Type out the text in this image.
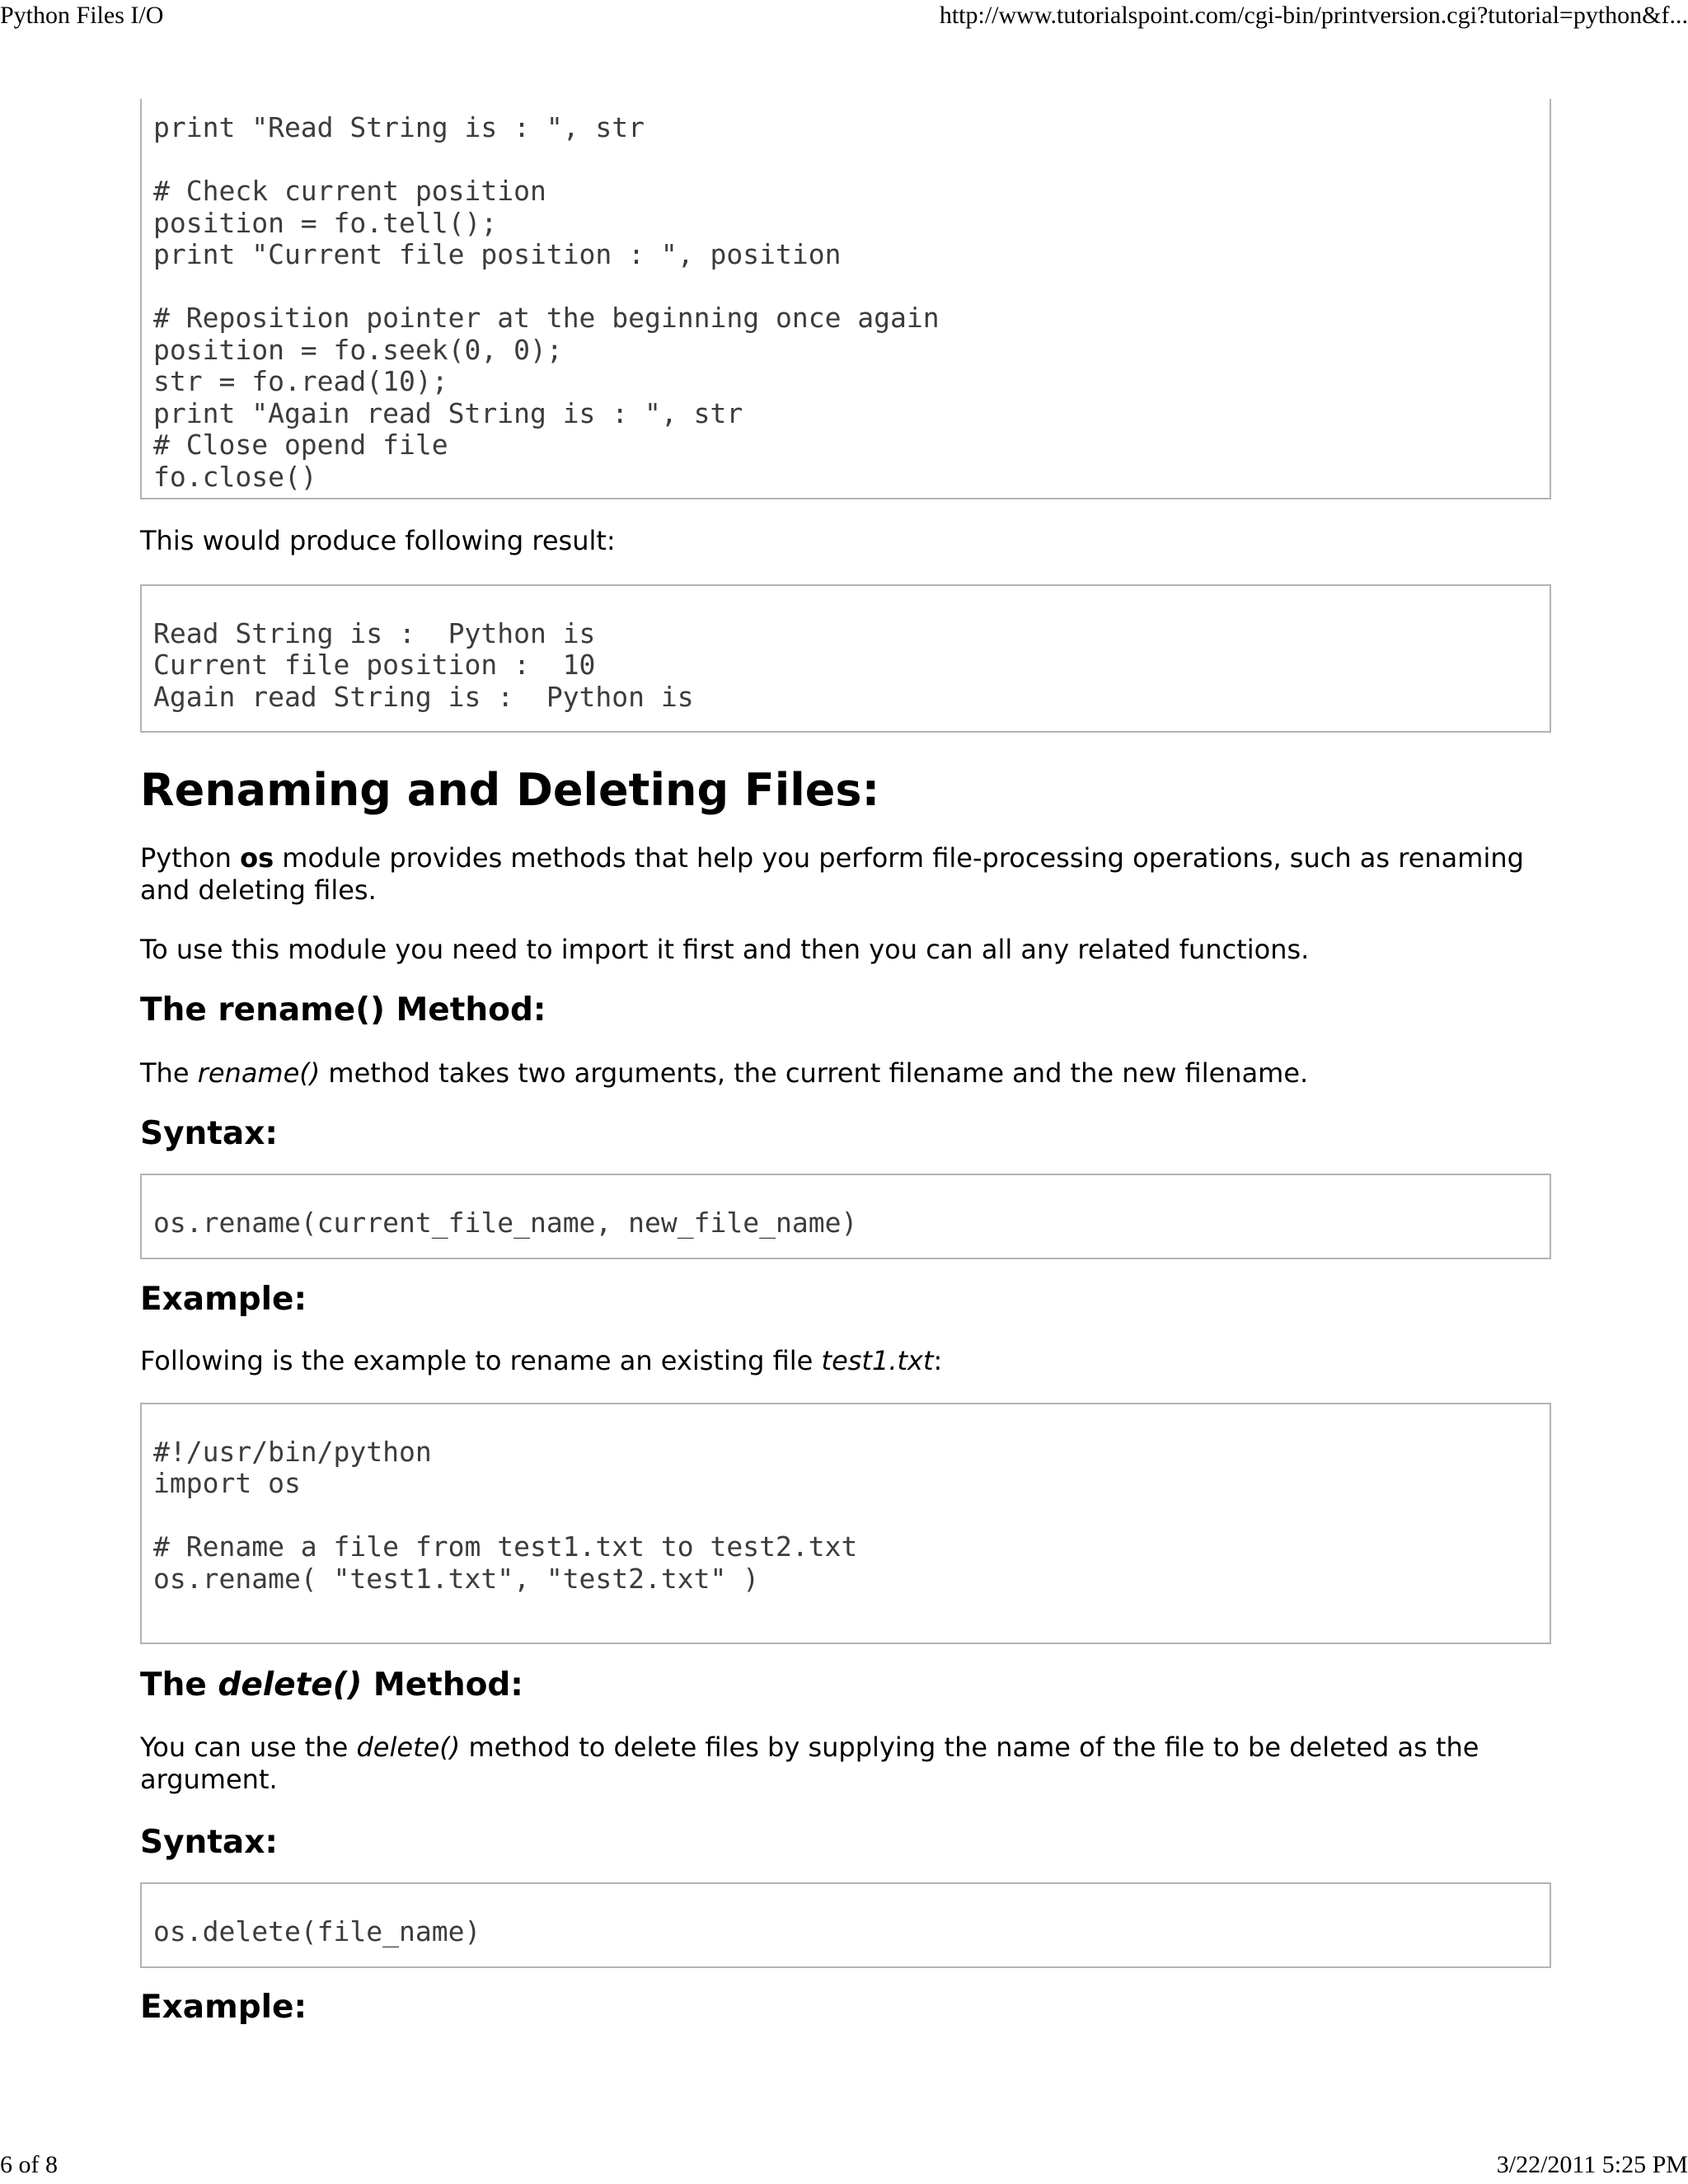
Python Files I/O	http://www.tutorialspoint.com/cgi-bin/printversion.cgi?tutorial=python&f...
print "Read String is : ", str

# Check current position
position = fo.tell();
print "Current file position : ", position

# Reposition pointer at the beginning once again
position = fo.seek(0, 0);
str = fo.read(10);
print "Again read String is : ", str
# Close opend file
fo.close()

This would produce following result:

Read String is :  Python is
Current file position :  10
Again read String is :  Python is
Renaming and Deleting Files:

Python os module provides methods that help you perform file-processing operations, such as renaming and deleting files.

To use this module you need to import it first and then you can all any related functions.

The rename() Method:

The rename() method takes two arguments, the current filename and the new filename.

Syntax:

os.rename(current_file_name, new_file_name)
Example:

Following is the example to rename an existing file test1.txt:

#!/usr/bin/python
import os

# Rename a file from test1.txt to test2.txt
os.rename( "test1.txt", "test2.txt" )

The delete() Method:

You can use the delete() method to delete files by supplying the name of the file to be deleted as the argument.

Syntax:

os.delete(file_name)
Example:
6 of 8	3/22/2011 5:25 PM
